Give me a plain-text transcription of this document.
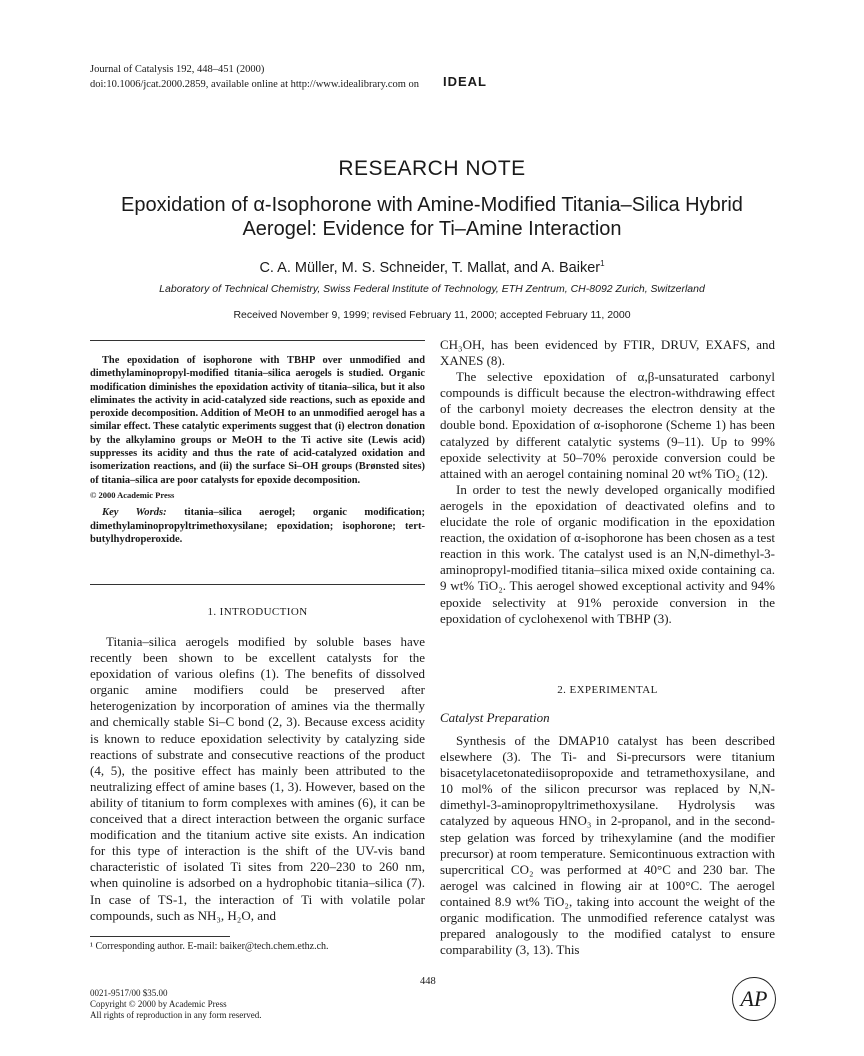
Journal of Catalysis 192, 448–451 (2000)
doi:10.1006/jcat.2000.2859, available online at http://www.idealibrary.com on IDEAL
RESEARCH NOTE
Epoxidation of α-Isophorone with Amine-Modified Titania–Silica Hybrid
Aerogel: Evidence for Ti–Amine Interaction
C. A. Müller, M. S. Schneider, T. Mallat, and A. Baiker$^1$
Laboratory of Technical Chemistry, Swiss Federal Institute of Technology, ETH Zentrum, CH-8092 Zurich, Switzerland
Received November 9, 1999; revised February 11, 2000; accepted February 11, 2000

The epoxidation of isophorone with TBHP over unmodified and dimethylaminopropyl-modified titania–silica aerogels is studied. Organic modification diminishes the epoxidation activity of titania–silica, but it also eliminates the activity in acid-catalyzed side reactions, such as epoxide and peroxide decomposition. Addition of MeOH to an unmodified aerogel has a similar effect. These catalytic experiments suggest that (i) electron donation by the alkylamino groups or MeOH to the Ti active site (Lewis acid) suppresses its acidity and thus the rate of acid-catalyzed oxidation and isomerization reactions, and (ii) the surface Si–OH groups (Brønsted sites) of titania–silica are poor catalysts for epoxide decomposition.

© 2000 Academic Press
Key Words: titania–silica aerogel; organic modification; dimethylaminopropyltrimethoxysilane; epoxidation; isophorone; tert-butylhydroperoxide.
1. INTRODUCTION

Titania–silica aerogels modified by soluble bases have recently been shown to be excellent catalysts for the epoxidation of various olefins (1). The benefits of dissolved organic amine modifiers could be preserved after heterogenization by incorporation of amines via the thermally and chemically stable Si–C bond (2, 3). Because excess acidity is known to reduce epoxidation selectivity by catalyzing side reactions of substrate and consecutive reactions of the product (4, 5), the positive effect has mainly been attributed to the neutralizing effect of amine bases (1, 3). However, based on the ability of titanium to form complexes with amines (6), it can be conceived that a direct interaction between the organic surface modification and the titanium active site exists. An indication for this type of interaction is the shift of the UV-vis band characteristic of isolated Ti sites from 220–230 to 260 nm, when quinoline is adsorbed on a hydrophobic titania–silica (7). In case of TS-1, the interaction of Ti with volatile polar compounds, such as NH₃, H₂O, and

¹ Corresponding author. E-mail: baiker@tech.chem.ethz.ch.
CH₃OH, has been evidenced by FTIR, DRUV, EXAFS, and XANES (8).

The selective epoxidation of α,β-unsaturated carbonyl compounds is difficult because the electron-withdrawing effect of the carbonyl moiety decreases the electron density at the double bond. Epoxidation of α-isophorone (Scheme 1) has been catalyzed by different catalytic systems (9–11). Up to 99% epoxide selectivity at 50–70% peroxide conversion could be attained with an aerogel containing nominal 20 wt% TiO₂ (12).

In order to test the newly developed organically modified aerogels in the epoxidation of deactivated olefins and to elucidate the role of organic modification in the epoxidation reaction, the oxidation of α-isophorone has been chosen as a test reaction in this work. The catalyst used is an N,N-dimethyl-3-aminopropyl-modified titania–silica mixed oxide containing ca. 9 wt% TiO₂. This aerogel showed exceptional activity and 94% epoxide selectivity at 91% peroxide conversion in the epoxidation of cyclohexenol with TBHP (3).

2. EXPERIMENTAL
Catalyst Preparation

Synthesis of the DMAP10 catalyst has been described elsewhere (3). The Ti- and Si-precursors were titanium bisacetylacetonatediisopropoxide and tetramethoxysilane, and 10 mol% of the silicon precursor was replaced by N,N-dimethyl-3-aminopropyltrimethoxysilane. Hydrolysis was catalyzed by aqueous HNO₃ in 2-propanol, and in the second-step gelation was forced by trihexylamine (and the modifier precursor) at room temperature. Semicontinuous extraction with supercritical CO₂ was performed at 40°C and 230 bar. The aerogel was calcined in flowing air at 100°C. The aerogel contained 8.9 wt% TiO₂, taking into account the weight of the organic modification. The unmodified reference catalyst was prepared analogously to the modified catalyst to ensure comparability (3, 13). This

448
0021-9517/00 $35.00
Copyright © 2000 by Academic Press
All rights of reproduction in any form reserved.
AP
